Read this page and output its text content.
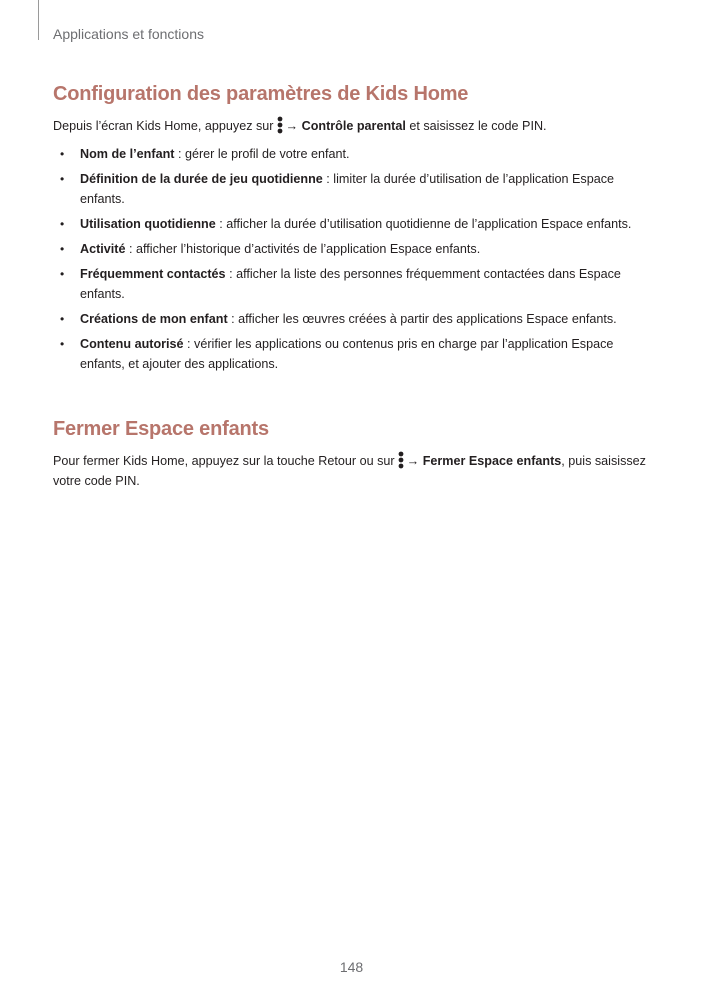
Applications et fonctions
Configuration des paramètres de Kids Home

Depuis l’écran Kids Home, appuyez sur → Contrôle parental et saisissez le code PIN.

• Nom de l’enfant : gérer le profil de votre enfant.
• Définition de la durée de jeu quotidienne : limiter la durée d’utilisation de l’application Espace enfants.
• Utilisation quotidienne : afficher la durée d’utilisation quotidienne de l’application Espace enfants.
• Activité : afficher l’historique d’activités de l’application Espace enfants.
• Fréquemment contactés : afficher la liste des personnes fréquemment contactées dans Espace enfants.
• Créations de mon enfant : afficher les œuvres créées à partir des applications Espace enfants.
• Contenu autorisé : vérifier les applications ou contenus pris en charge par l’application Espace enfants, et ajouter des applications.
Fermer Espace enfants

Pour fermer Kids Home, appuyez sur la touche Retour ou sur → Fermer Espace enfants, puis saisissez votre code PIN.

148
